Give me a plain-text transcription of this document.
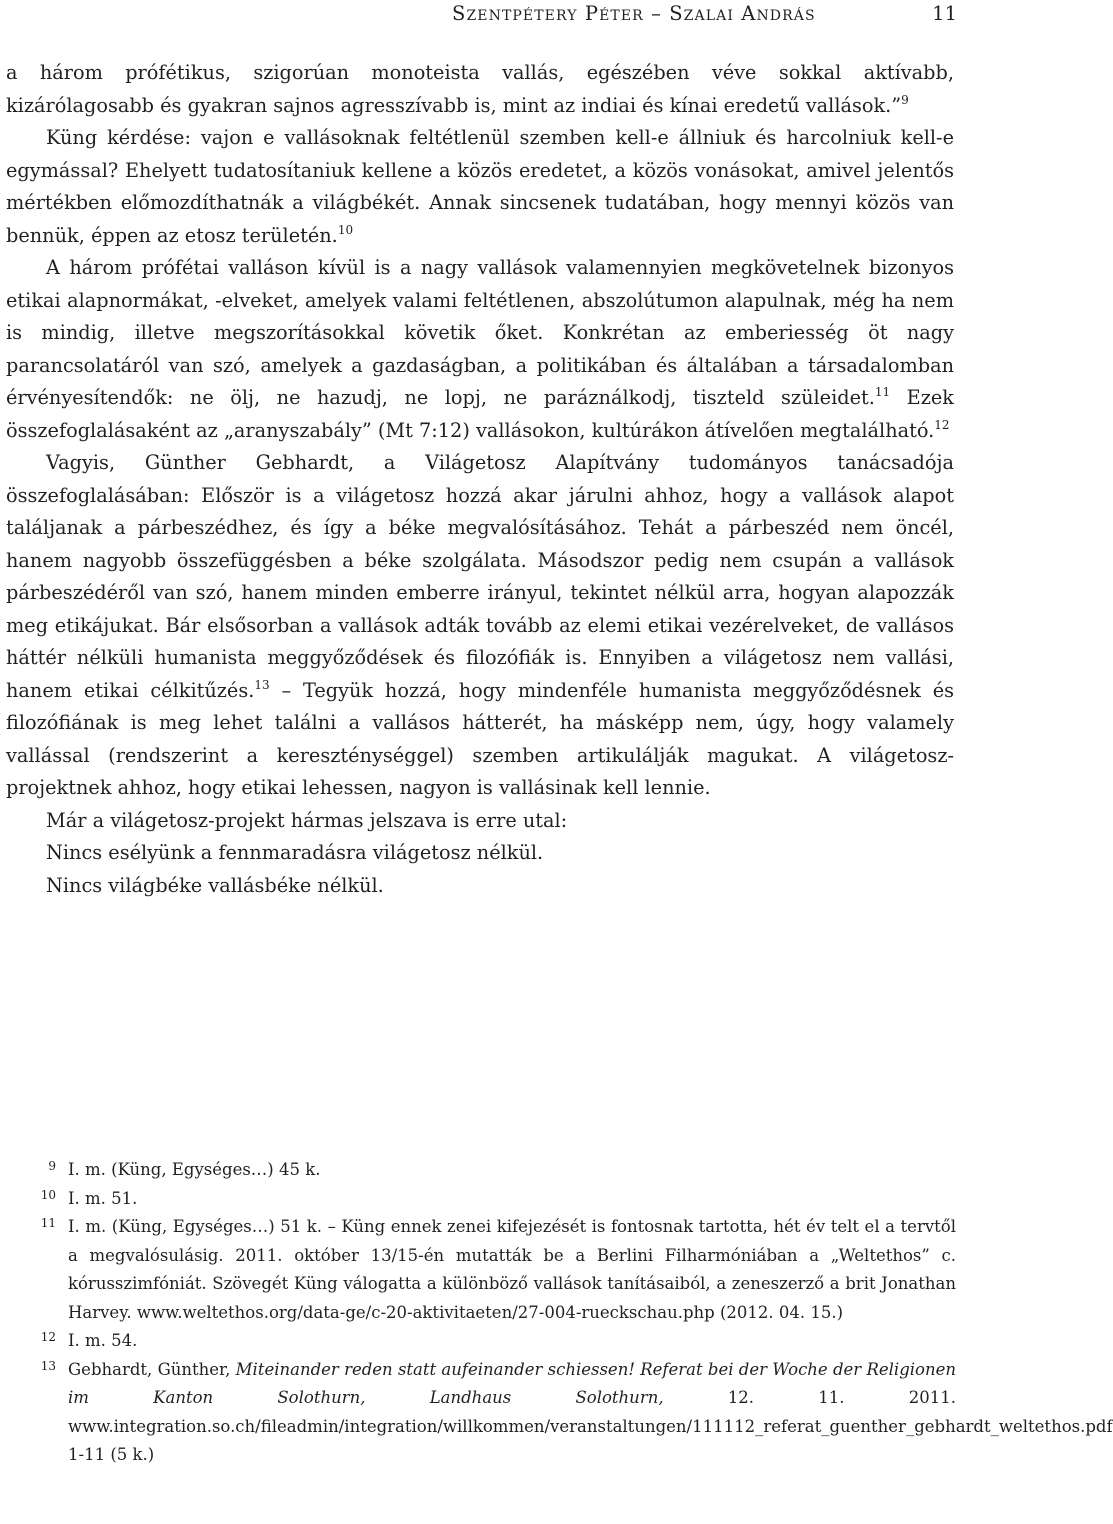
Szentpétery Péter – Szalai András	11

a három prófétikus, szigorúan monoteista vallás, egészében véve sokkal aktívabb, kizárólagosabb és gyakran sajnos agresszívabb is, mint az indiai és kínai eredetű vallások.”$^9$

Küng kérdése: vajon e vallásoknak feltétlenül szemben kell-e állniuk és harcolniuk kell-e egymással? Ehelyett tudatosítaniuk kellene a közös eredetet, a közös vonásokat, amivel jelentős mértékben előmozdíthatnák a világbékét. Annak sincsenek tudatában, hogy mennyi közös van bennük, éppen az etosz területén.$^{10}$

A három prófétai valláson kívül is a nagy vallások valamennyien megkövetelnek bizonyos etikai alapnormákat, -elveket, amelyek valami feltétlenen, abszolútumon alapulnak, még ha nem is mindig, illetve megszorításokkal követik őket. Konkrétan az emberiesség öt nagy parancsolatáról van szó, amelyek a gazdaságban, a politikában és általában a társadalomban érvényesítendők: ne ölj, ne hazudj, ne lopj, ne paráználkodj, tiszteld szüleidet.$^{11}$ Ezek összefoglalásaként az „aranyszabály” (Mt 7:12) vallásokon, kultúrákon átívelően megtalálható.$^{12}$

Vagyis, Günther Gebhardt, a Világetosz Alapítvány tudományos tanácsadója összefoglalásában: Először is a világetosz hozzá akar járulni ahhoz, hogy a vallások alapot találjanak a párbeszédhez, és így a béke megvalósításához. Tehát a párbeszéd nem öncél, hanem nagyobb összefüggésben a béke szolgálata. Másodszor pedig nem csupán a vallások párbeszédéről van szó, hanem minden emberre irányul, tekintet nélkül arra, hogyan alapozzák meg etikájukat. Bár elsősorban a vallások adták tovább az elemi etikai vezérelveket, de vallásos háttér nélküli humanista meggyőződések és filozófiák is. Ennyiben a világetosz nem vallási, hanem etikai célkitűzés.$^{13}$ – Tegyük hozzá, hogy mindenféle humanista meggyőződésnek és filozófiának is meg lehet találni a vallásos hátterét, ha másképp nem, úgy, hogy valamely vallással (rendszerint a kereszténységgel) szemben artikulálják magukat. A világetosz-projektnek ahhoz, hogy etikai lehessen, nagyon is vallásinak kell lennie.

Már a világetosz-projekt hármas jelszava is erre utal:

Nincs esélyünk a fennmaradásra világetosz nélkül.

Nincs világbéke vallásbéke nélkül.

9 I. m. (Küng, Egységes…) 45 k.

10 I. m. 51.

11 I. m. (Küng, Egységes…) 51 k. – Küng ennek zenei kifejezését is fontosnak tartotta, hét év telt el a tervtől a megvalósulásig. 2011. október 13/15-én mutatták be a Berlini Filharmóniában a „Weltethos” c. kórusszimfóniát. Szövegét Küng válogatta a különböző vallások tanításaiból, a zeneszerző a brit Jonathan Harvey. www.weltethos.org/data-ge/c-20-aktivitaeten/27-004-rueckschau.php (2012. 04. 15.)

12 I. m. 54.

13 Gebhardt, Günther, Miteinander reden statt aufeinander schiessen! Referat bei der Woche der Religionen im Kanton Solothurn, Landhaus Solothurn, 12. 11. 2011. www.integration.so.ch/fileadmin/integration/willkommen/veranstaltungen/111112_referat_guenther_gebhardt_weltethos.pdf 1-11 (5 k.)
